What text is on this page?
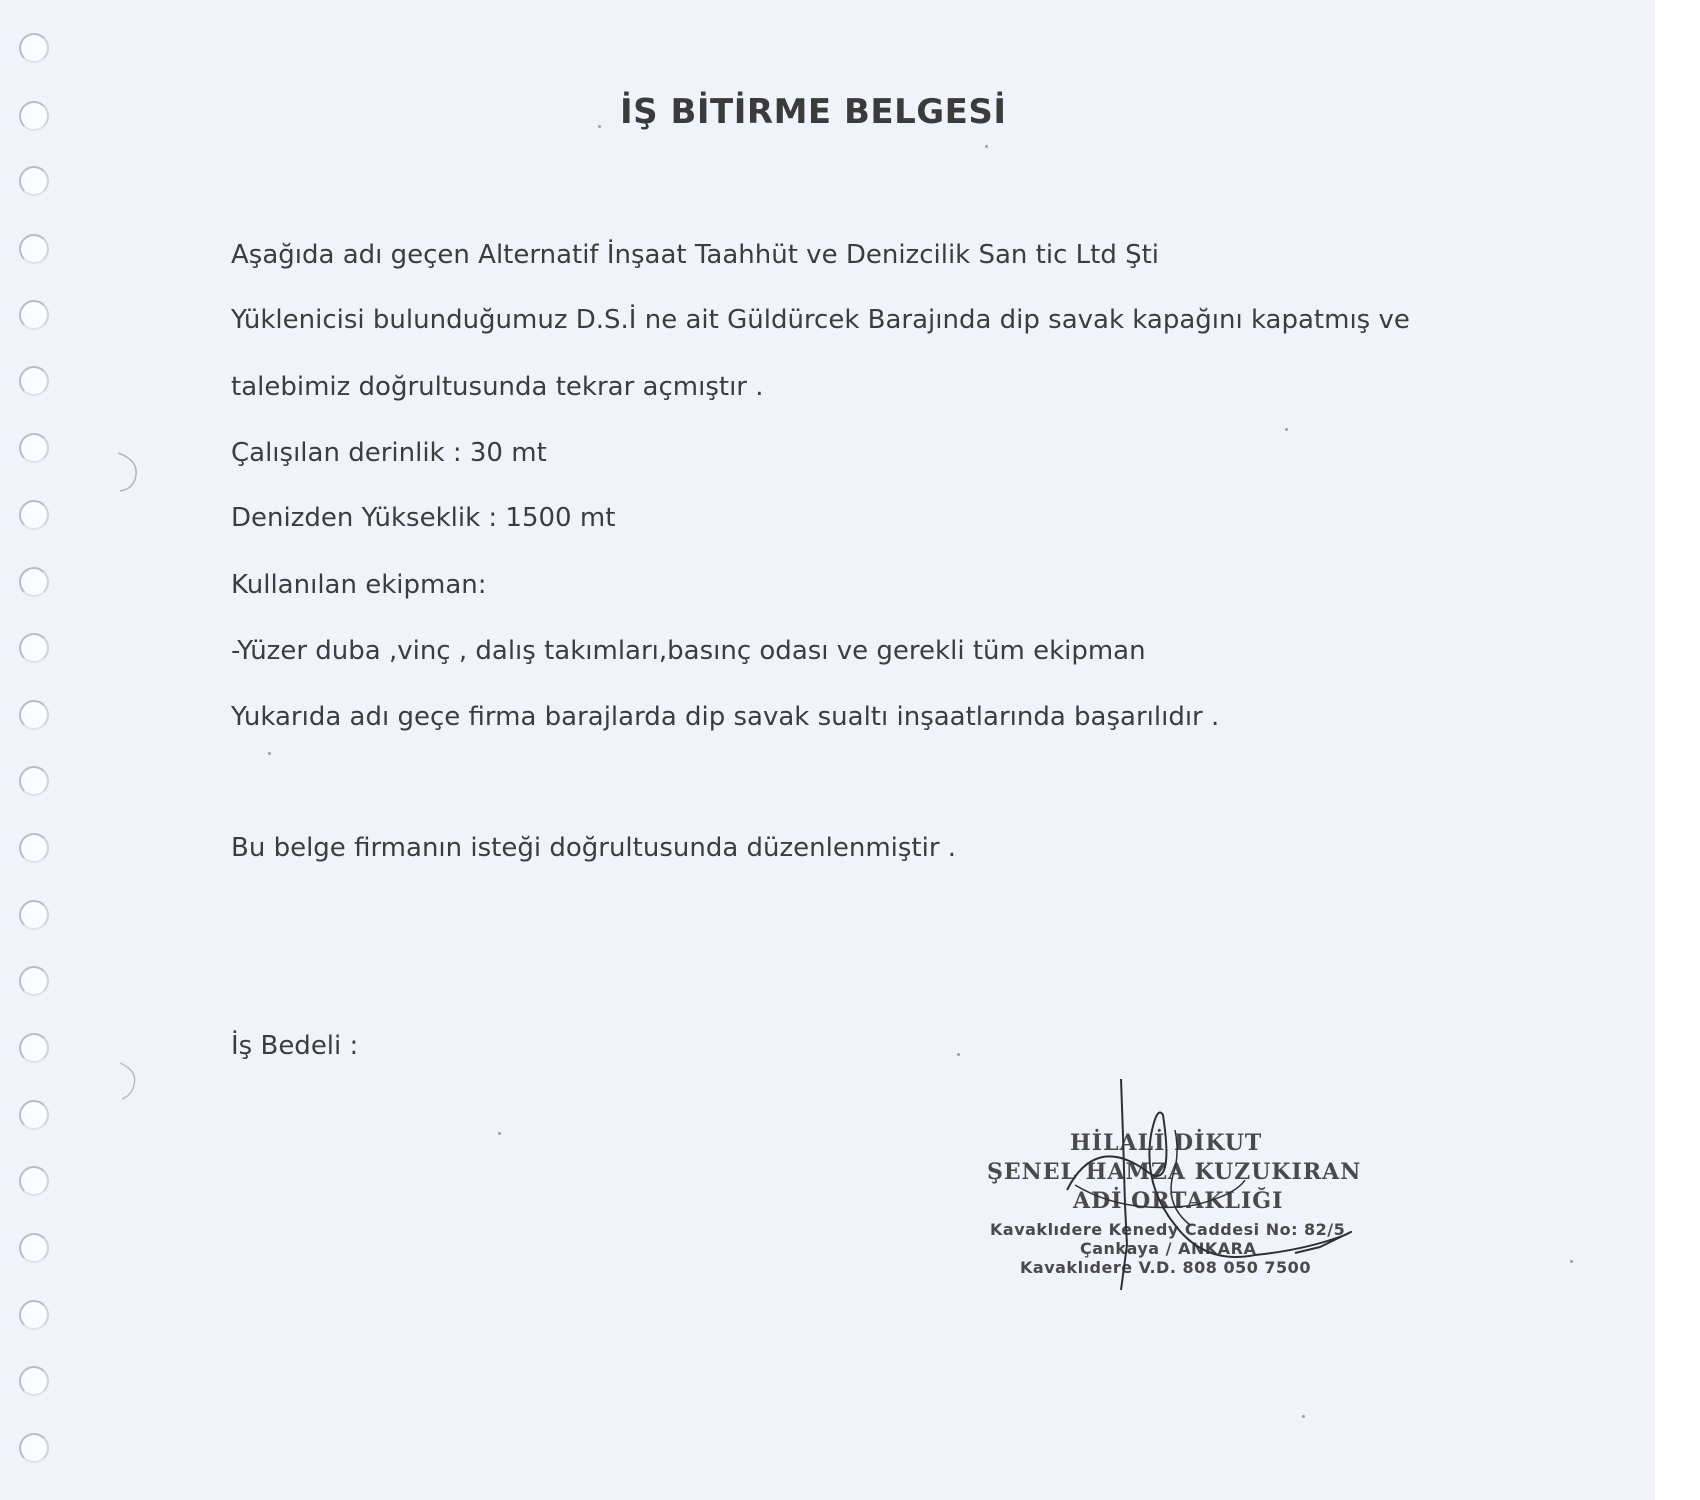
İŞ BİTİRME BELGESİ
Aşağıda adı geçen Alternatif İnşaat Taahhüt ve Denizcilik San tic Ltd Şti
Yüklenicisi bulunduğumuz D.S.İ ne ait Güldürcek Barajında dip savak kapağını kapatmış ve
talebimiz doğrultusunda tekrar açmıştır .
Çalışılan derinlik : 30 mt
Denizden Yükseklik : 1500 mt
Kullanılan ekipman:
-Yüzer duba ,vinç , dalış takımları,basınç odası ve gerekli tüm ekipman
Yukarıda adı geçe firma barajlarda dip savak sualtı inşaatlarında başarılıdır .
Bu belge firmanın isteği doğrultusunda düzenlenmiştir .
İş Bedeli :
HİLALİ DİKUT
ŞENEL HAMZA KUZUKIRAN
ADİ ORTAKLIĞI
Kavaklıdere Kenedy Caddesi No: 82/5
Çankaya / ANKARA
Kavaklıdere V.D. 808 050 7500
